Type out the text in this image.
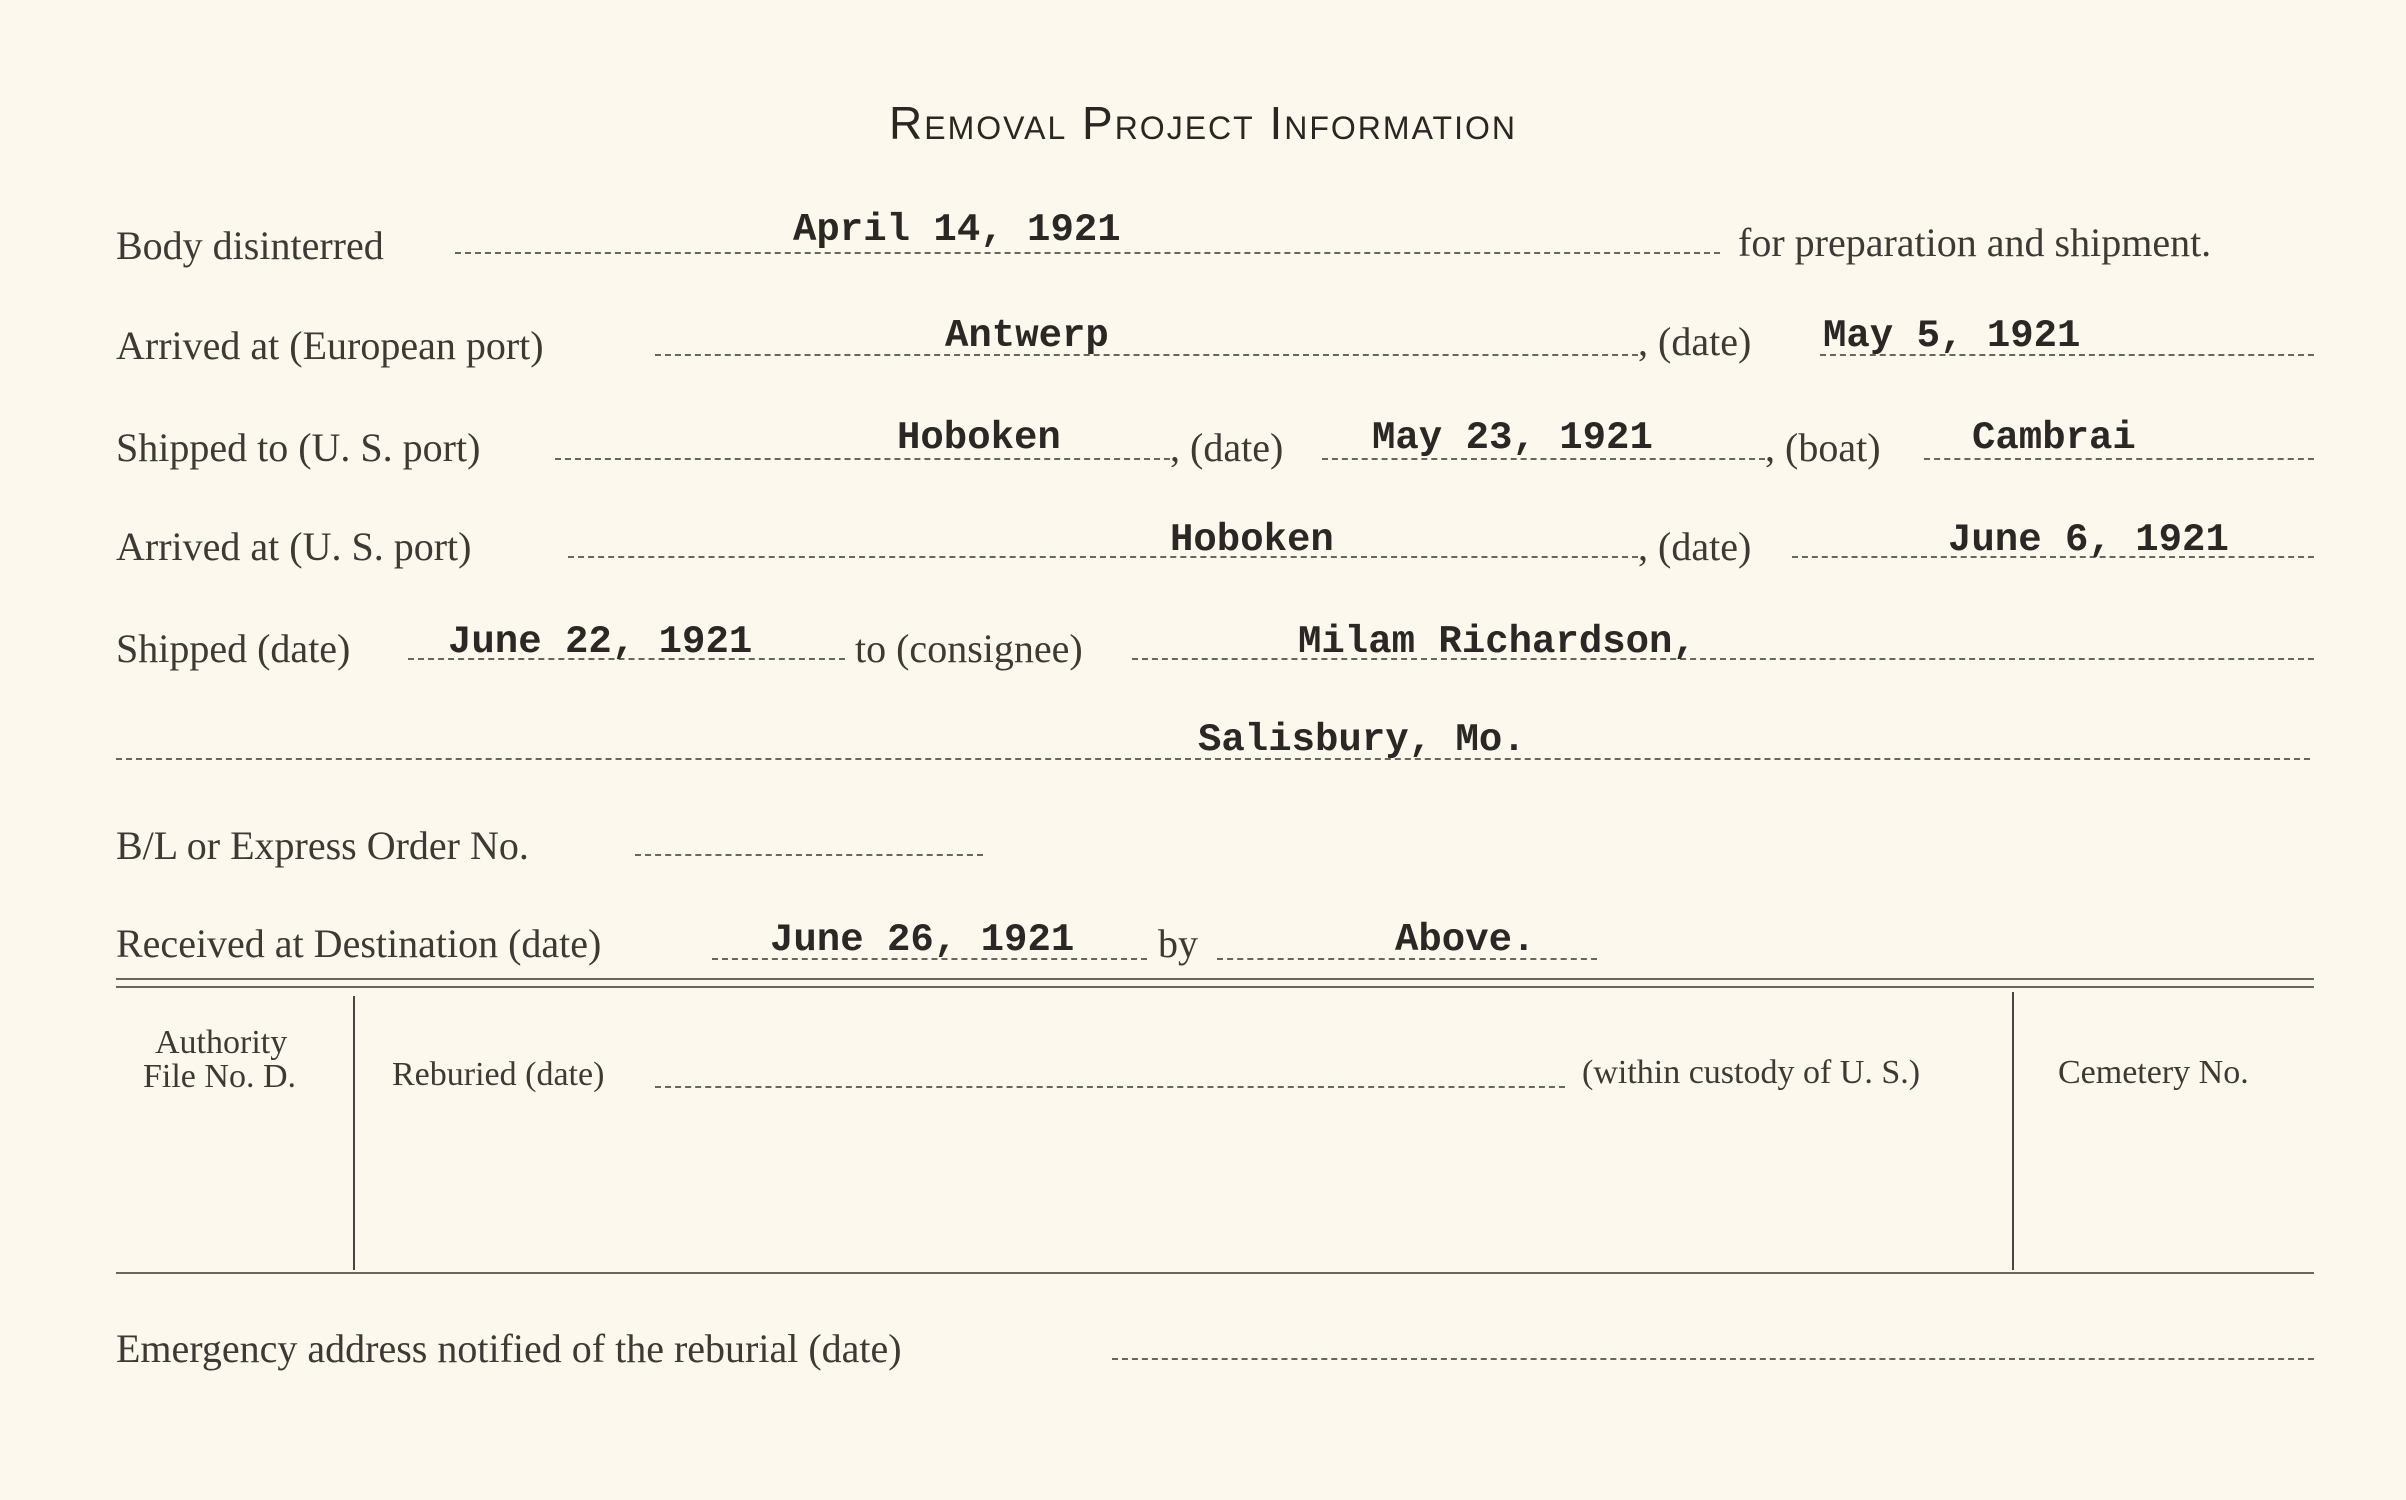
Removal Project Information
Body disinterred	April 14, 1921	for preparation and shipment.
Arrived at (European port)	Antwerp	, (date) May 5, 1921
Shipped to (U. S. port)	Hoboken	, (date) May 23, 1921	, (boat) Cambrai
Arrived at (U. S. port)	Hoboken	, (date)	June 6, 1921
Shipped (date)	June 22, 1921	to (consignee)	Milam Richardson,
Salisbury, Mo.
B/L or Express Order No.
Received at Destination (date)	June 26, 1921 by	Above.
Authority
File No. D.	Reburied (date)	(within custody of U. S.)	Cemetery No.
Emergency address notified of the reburial (date)
